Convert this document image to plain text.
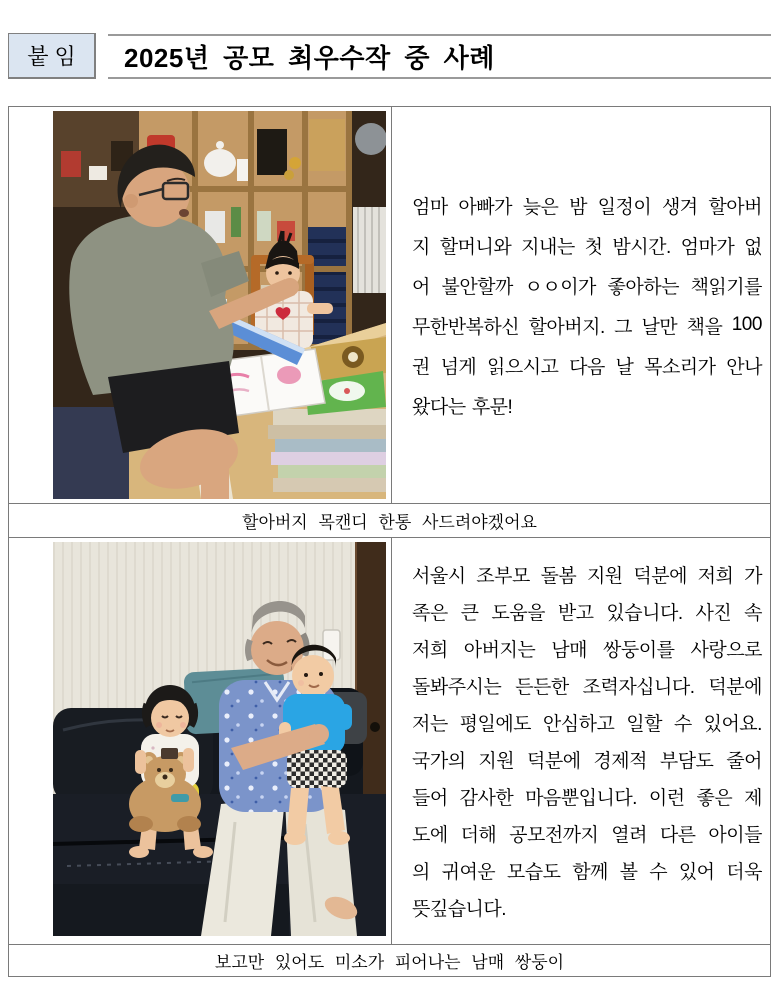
붙임	2025년 공모 최우수작 중 사례
엄마 아빠가 늦은 밤 일정이 생겨 할아버
지 할머니와 지내는 첫 밤시간. 엄마가 없
어 불안할까 ㅇㅇ이가 좋아하는 책읽기를
무한반복하신 할아버지. 그 날만 책을 100
권 넘게 읽으시고 다음 날 목소리가 안나
왔다는 후문!
할아버지 목캔디 한통 사드려야겠어요
서울시 조부모 돌봄 지원 덕분에 저희 가
족은 큰 도움을 받고 있습니다. 사진 속
저희 아버지는 남매 쌍둥이를 사랑으로
돌봐주시는 든든한 조력자십니다. 덕분에
저는 평일에도 안심하고 일할 수 있어요.
국가의 지원 덕분에 경제적 부담도 줄어
들어 감사한 마음뿐입니다. 이런 좋은 제
도에 더해 공모전까지 열려 다른 아이들
의 귀여운 모습도 함께 볼 수 있어 더욱
뜻깊습니다.
보고만 있어도 미소가 피어나는 남매 쌍둥이
